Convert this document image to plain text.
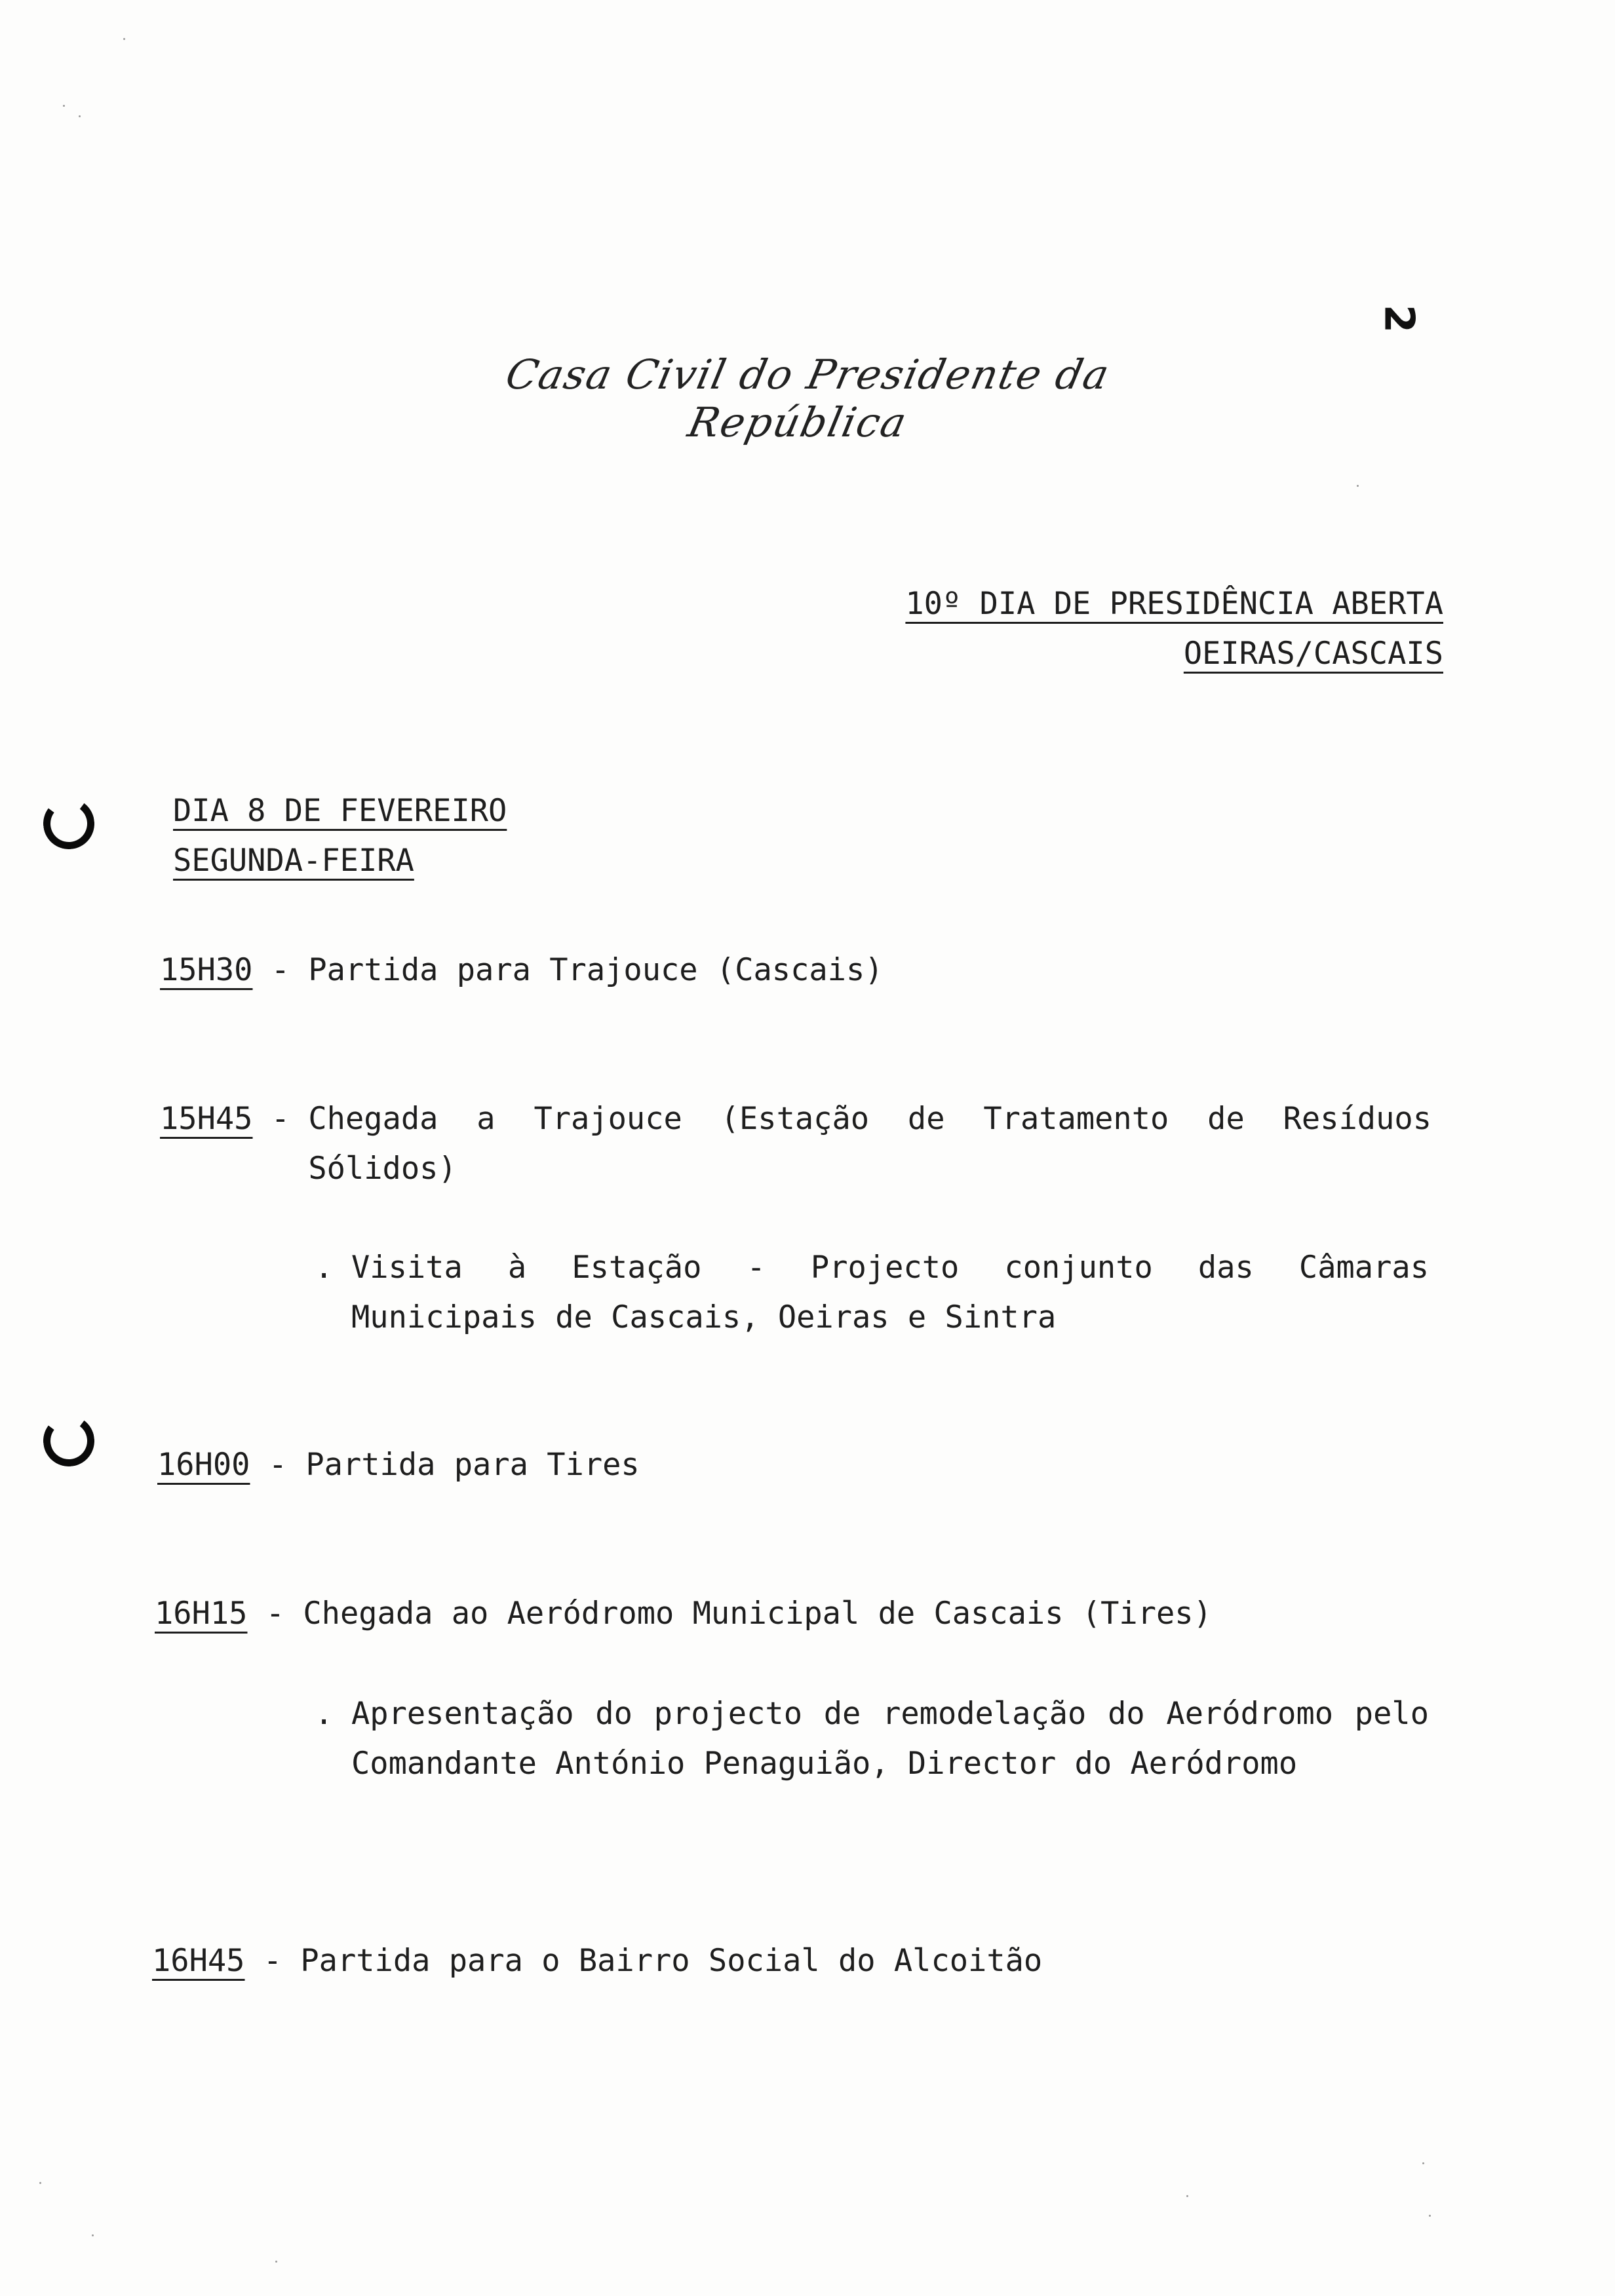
Casa Civil do Presidente da República
2
10º DIA DE PRESIDÊNCIA ABERTA
OEIRAS/CASCAIS
DIA 8 DE FEVEREIRO
SEGUNDA-FEIRA
15H30 - Partida para Trajouce (Cascais)
15H45 - Chegada a Trajouce (Estação de Tratamento de Resíduos Sólidos)
. Visita à Estação - Projecto conjunto das Câmaras Municipais de Cascais, Oeiras e Sintra
16H00 - Partida para Tires
16H15 - Chegada ao Aeródromo Municipal de Cascais (Tires)
. Apresentação do projecto de remodelação do Aeródromo pelo Comandante António Penaguião, Director do Aeródromo
16H45 - Partida para o Bairro Social do Alcoitão
